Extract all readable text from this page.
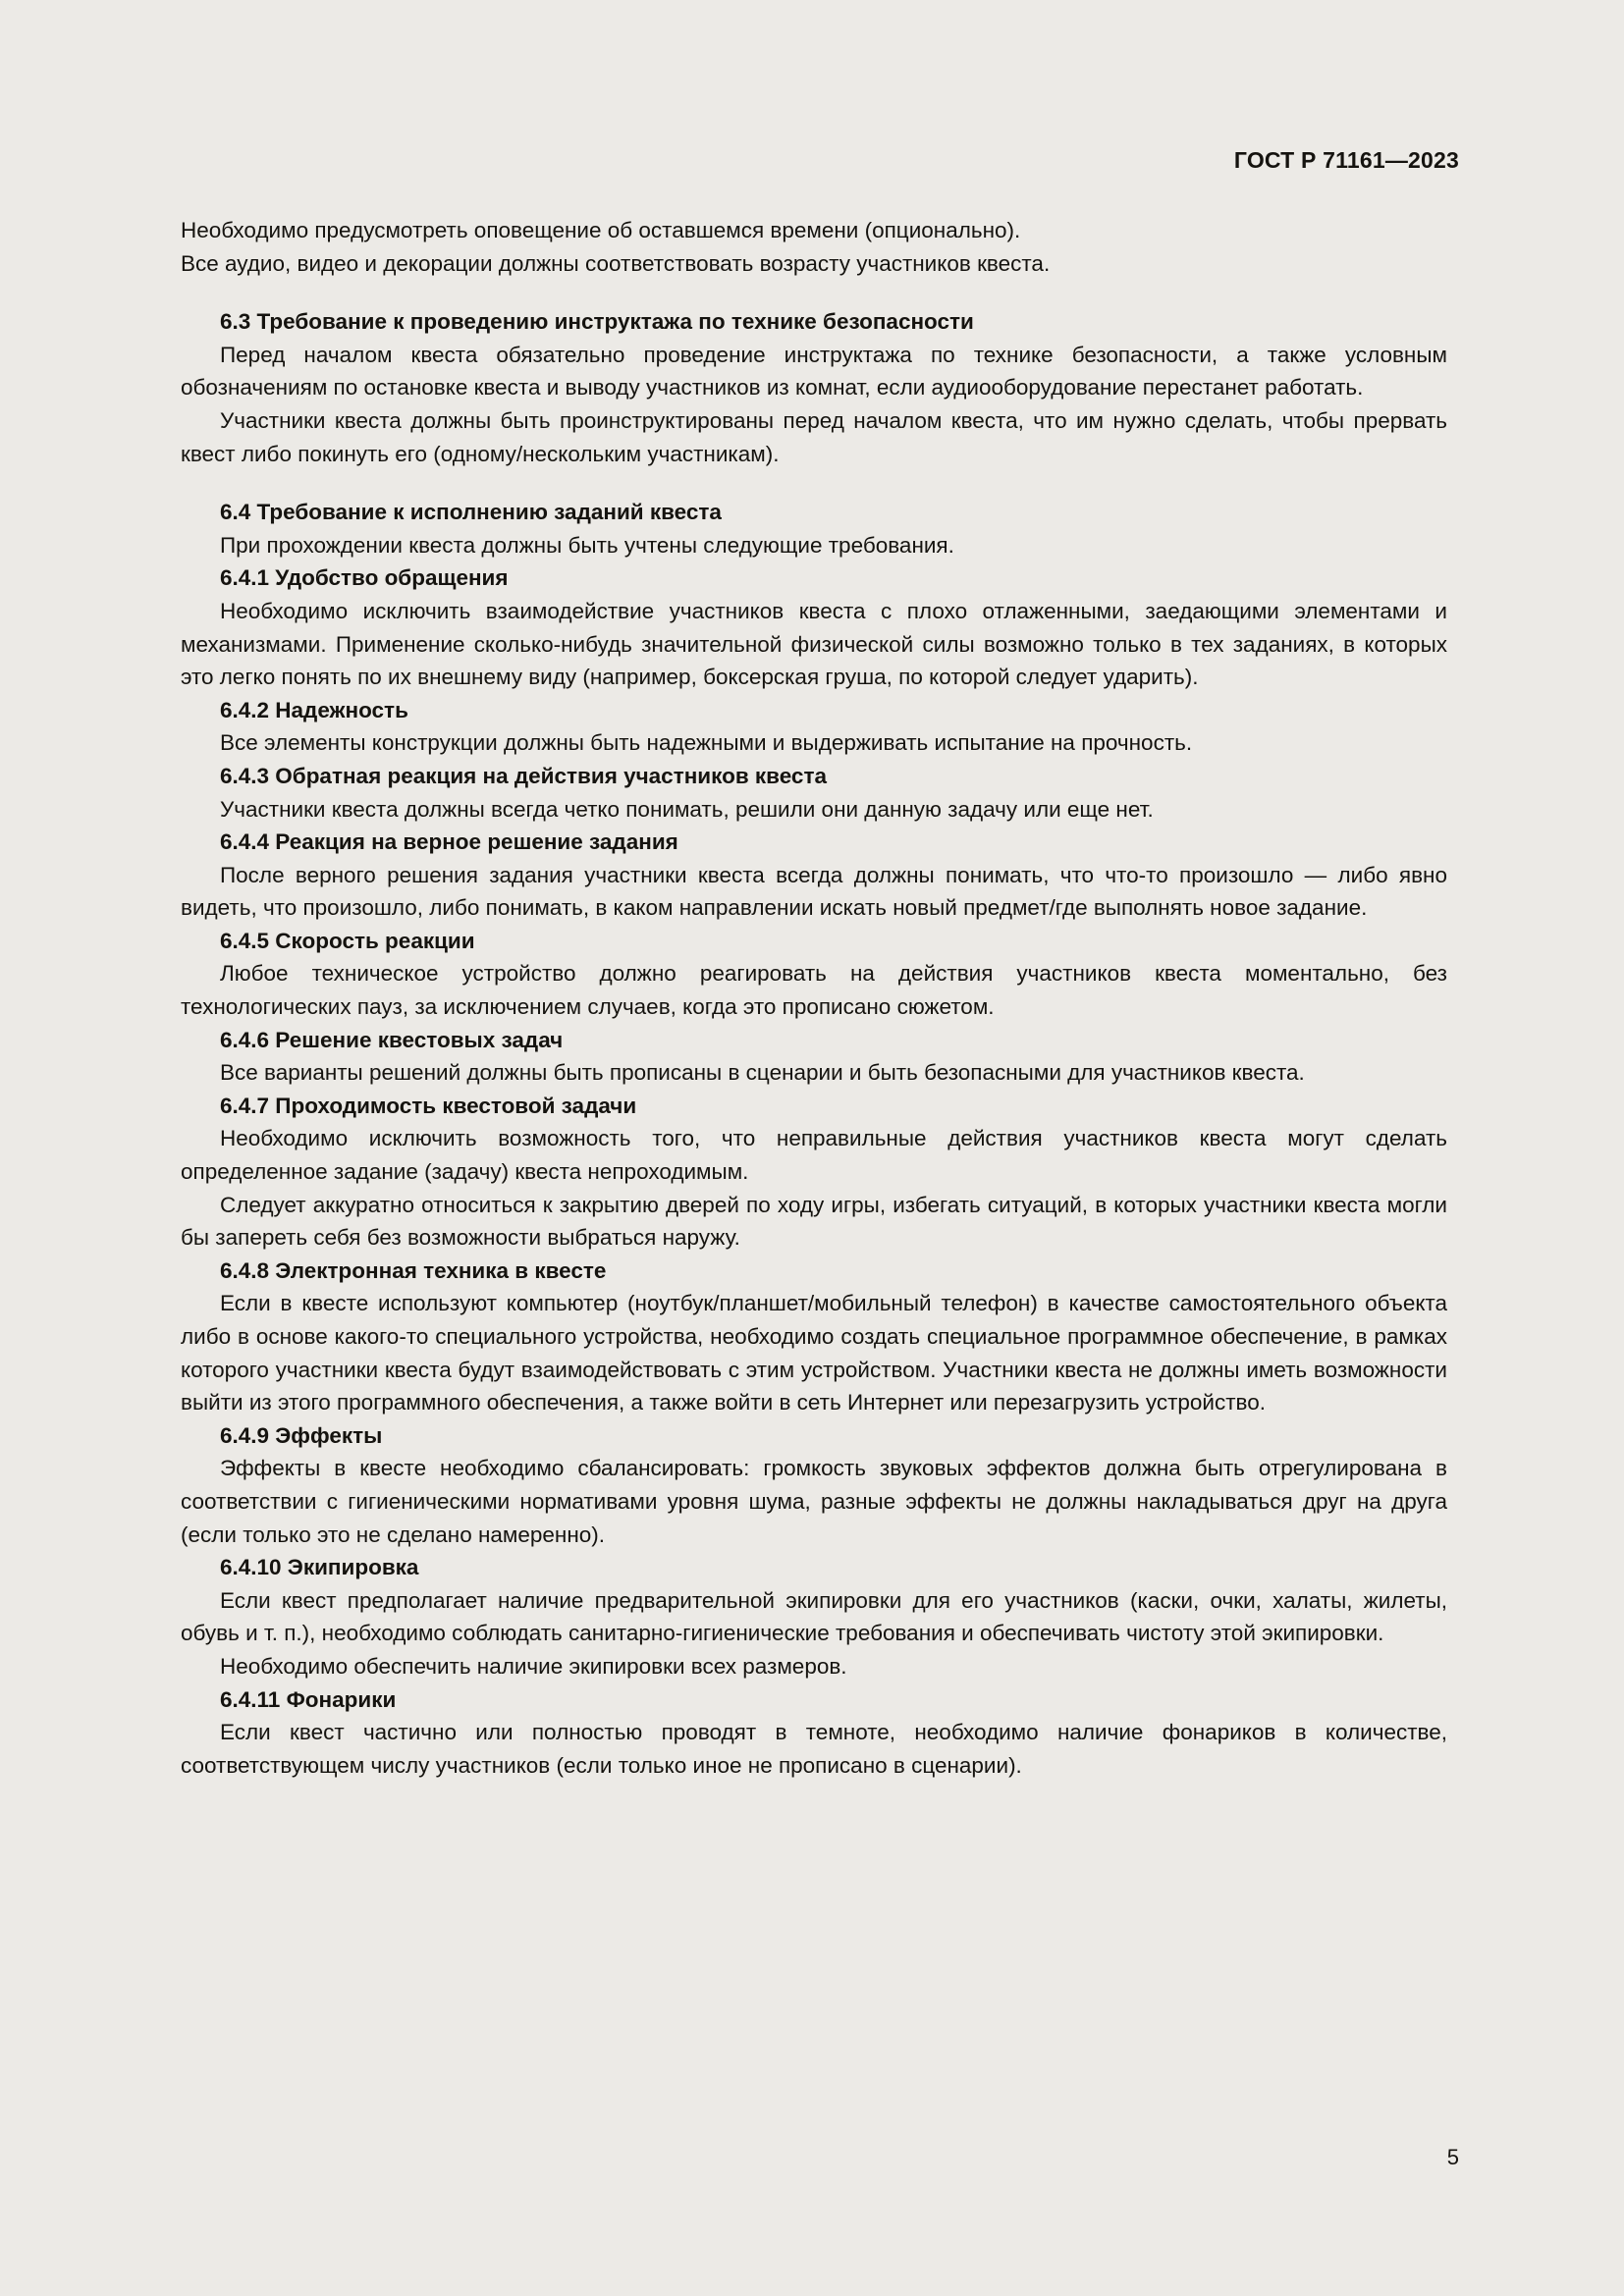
ГОСТ Р 71161—2023

Необходимо предусмотреть оповещение об оставшемся времени (опционально).

Все аудио, видео и декорации должны соответствовать возрасту участников квеста.

6.3 Требование к проведению инструктажа по технике безопасности

Перед началом квеста обязательно проведение инструктажа по технике безопасности, а также условным обозначениям по остановке квеста и выводу участников из комнат, если аудиооборудование перестанет работать.

Участники квеста должны быть проинструктированы перед началом квеста, что им нужно сделать, чтобы прервать квест либо покинуть его (одному/нескольким участникам).

6.4 Требование к исполнению заданий квеста

При прохождении квеста должны быть учтены следующие требования.

6.4.1 Удобство обращения

Необходимо исключить взаимодействие участников квеста с плохо отлаженными, заедающими элементами и механизмами. Применение сколько-нибудь значительной физической силы возможно только в тех заданиях, в которых это легко понять по их внешнему виду (например, боксерская груша, по которой следует ударить).

6.4.2 Надежность

Все элементы конструкции должны быть надежными и выдерживать испытание на прочность.

6.4.3 Обратная реакция на действия участников квеста

Участники квеста должны всегда четко понимать, решили они данную задачу или еще нет.

6.4.4 Реакция на верное решение задания

После верного решения задания участники квеста всегда должны понимать, что что-то произошло — либо явно видеть, что произошло, либо понимать, в каком направлении искать новый предмет/где выполнять новое задание.

6.4.5 Скорость реакции

Любое техническое устройство должно реагировать на действия участников квеста моментально, без технологических пауз, за исключением случаев, когда это прописано сюжетом.

6.4.6 Решение квестовых задач

Все варианты решений должны быть прописаны в сценарии и быть безопасными для участников квеста.

6.4.7 Проходимость квестовой задачи

Необходимо исключить возможность того, что неправильные действия участников квеста могут сделать определенное задание (задачу) квеста непроходимым.

Следует аккуратно относиться к закрытию дверей по ходу игры, избегать ситуаций, в которых участники квеста могли бы запереть себя без возможности выбраться наружу.

6.4.8 Электронная техника в квесте

Если в квесте используют компьютер (ноутбук/планшет/мобильный телефон) в качестве самостоятельного объекта либо в основе какого-то специального устройства, необходимо создать специальное программное обеспечение, в рамках которого участники квеста будут взаимодействовать с этим устройством. Участники квеста не должны иметь возможности выйти из этого программного обеспечения, а также войти в сеть Интернет или перезагрузить устройство.

6.4.9 Эффекты

Эффекты в квесте необходимо сбалансировать: громкость звуковых эффектов должна быть отрегулирована в соответствии с гигиеническими нормативами уровня шума, разные эффекты не должны накладываться друг на друга (если только это не сделано намеренно).

6.4.10 Экипировка

Если квест предполагает наличие предварительной экипировки для его участников (каски, очки, халаты, жилеты, обувь и т. п.), необходимо соблюдать санитарно-гигиенические требования и обеспечивать чистоту этой экипировки.

Необходимо обеспечить наличие экипировки всех размеров.

6.4.11 Фонарики

Если квест частично или полностью проводят в темноте, необходимо наличие фонариков в количестве, соответствующем числу участников (если только иное не прописано в сценарии).

5
